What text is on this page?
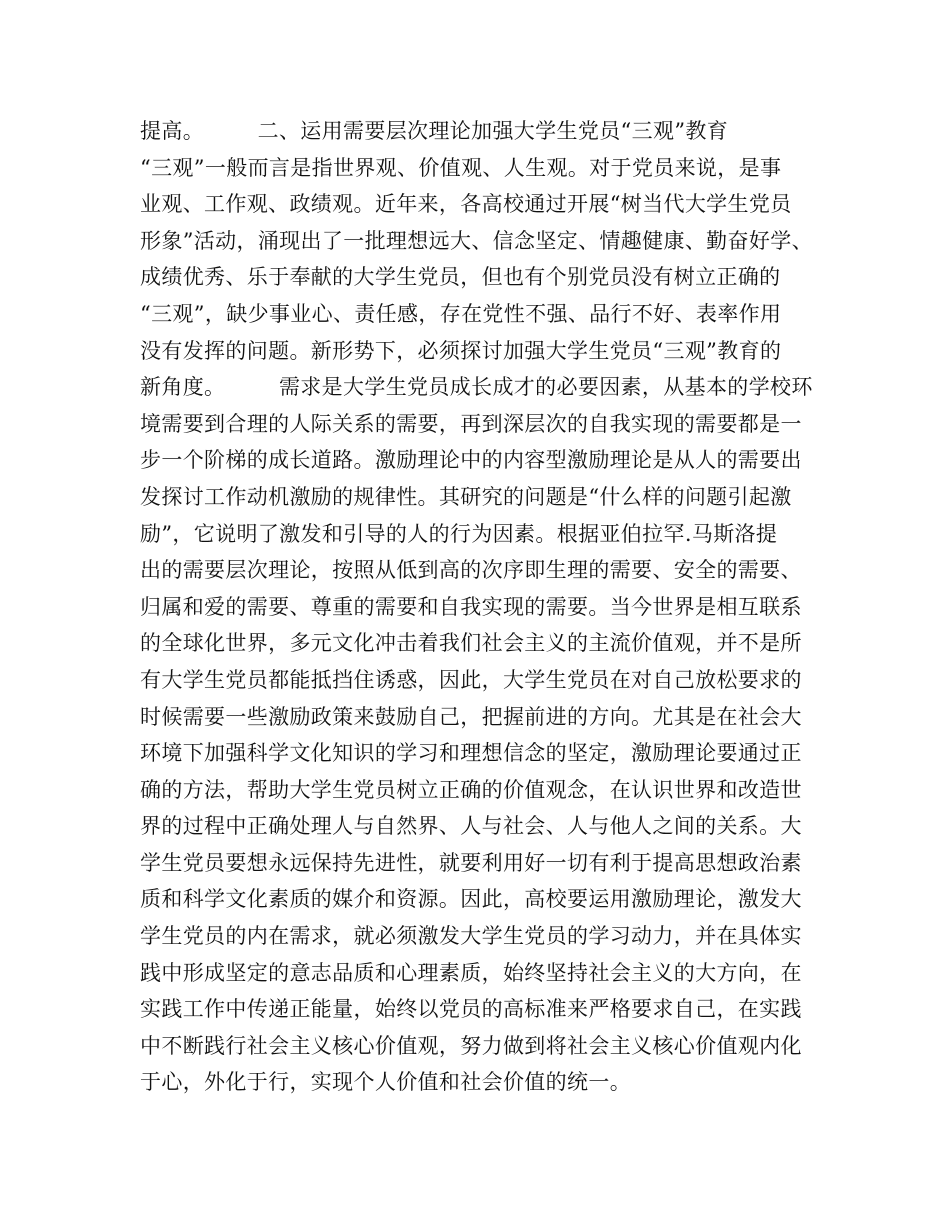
提高。　　　二、运用需要层次理论加强大学生党员“三观”教育
“三观”一般而言是指世界观、价值观、人生观。对于党员来说，是事
业观、工作观、政绩观。近年来，各高校通过开展“树当代大学生党员
形象”活动，涌现出了一批理想远大、信念坚定、情趣健康、勤奋好学、
成绩优秀、乐于奉献的大学生党员，但也有个别党员没有树立正确的
“三观”，缺少事业心、责任感，存在党性不强、品行不好、表率作用
没有发挥的问题。新形势下，必须探讨加强大学生党员“三观”教育的
新角度。　　　需求是大学生党员成长成才的必要因素，从基本的学校环
境需要到合理的人际关系的需要，再到深层次的自我实现的需要都是一
步一个阶梯的成长道路。激励理论中的内容型激励理论是从人的需要出
发探讨工作动机激励的规律性。其研究的问题是“什么样的问题引起激
励”，它说明了激发和引导的人的行为因素。根据亚伯拉罕.马斯洛提
出的需要层次理论，按照从低到高的次序即生理的需要、安全的需要、
归属和爱的需要、尊重的需要和自我实现的需要。当今世界是相互联系
的全球化世界，多元文化冲击着我们社会主义的主流价值观，并不是所
有大学生党员都能抵挡住诱惑，因此，大学生党员在对自己放松要求的
时候需要一些激励政策来鼓励自己，把握前进的方向。尤其是在社会大
环境下加强科学文化知识的学习和理想信念的坚定，激励理论要通过正
确的方法，帮助大学生党员树立正确的价值观念，在认识世界和改造世
界的过程中正确处理人与自然界、人与社会、人与他人之间的关系。大
学生党员要想永远保持先进性，就要利用好一切有利于提高思想政治素
质和科学文化素质的媒介和资源。因此，高校要运用激励理论，激发大
学生党员的内在需求，就必须激发大学生党员的学习动力，并在具体实
践中形成坚定的意志品质和心理素质，始终坚持社会主义的大方向，在
实践工作中传递正能量，始终以党员的高标准来严格要求自己，在实践
中不断践行社会主义核心价值观，努力做到将社会主义核心价值观内化
于心，外化于行，实现个人价值和社会价值的统一。
